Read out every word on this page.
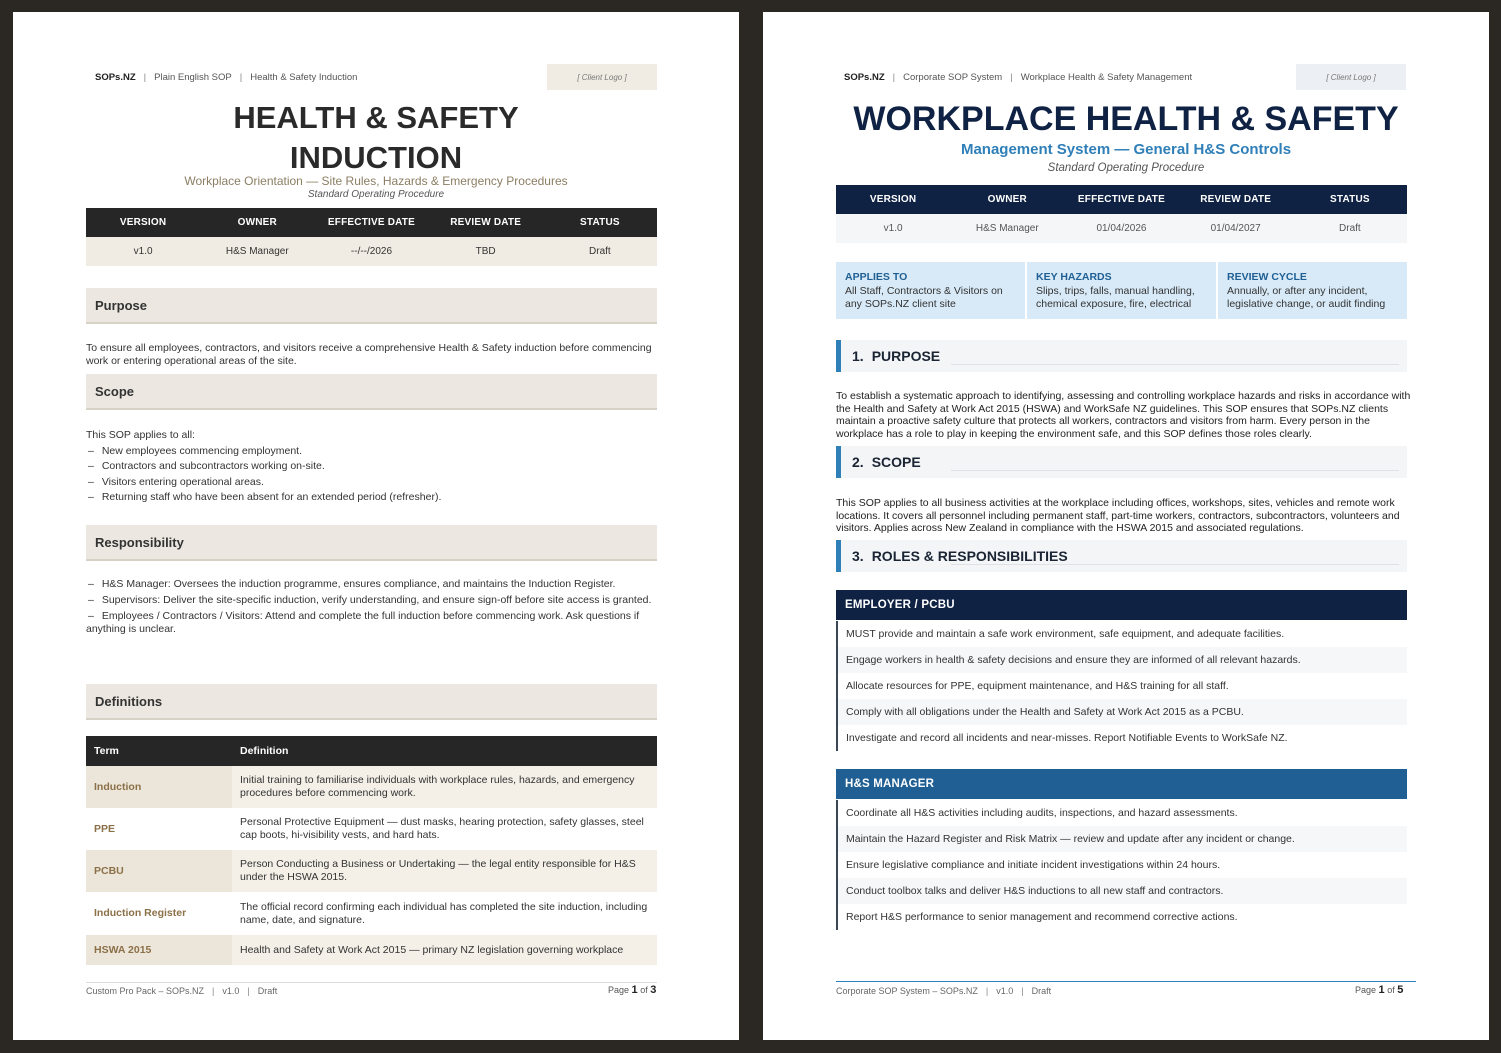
SOPs.NZ | Plain English SOP | Health & Safety Induction	[ Client Logo ]
HEALTH & SAFETY
INDUCTION
Workplace Orientation — Site Rules, Hazards & Emergency Procedures
Standard Operating Procedure
VERSION	OWNER	EFFECTIVE DATE	REVIEW DATE	STATUS
v1.0	H&S Manager	--/--/2026	TBD	Draft
Purpose
To ensure all employees, contractors, and visitors receive a comprehensive Health & Safety induction before commencing work or entering operational areas of the site.
Scope
This SOP applies to all:
– New employees commencing employment.
– Contractors and subcontractors working on-site.
– Visitors entering operational areas.
– Returning staff who have been absent for an extended period (refresher).
Responsibility
– H&S Manager: Oversees the induction programme, ensures compliance, and maintains the Induction Register.
– Supervisors: Deliver the site-specific induction, verify understanding, and ensure sign-off before site access is granted.
– Employees / Contractors / Visitors: Attend and complete the full induction before commencing work. Ask questions if anything is unclear.
Definitions
Term	Definition
Induction	Initial training to familiarise individuals with workplace rules, hazards, and emergency procedures before commencing work.
PPE	Personal Protective Equipment — dust masks, hearing protection, safety glasses, steel cap boots, hi-visibility vests, and hard hats.
PCBU	Person Conducting a Business or Undertaking — the legal entity responsible for H&S under the HSWA 2015.
Induction Register	The official record confirming each individual has completed the site induction, including name, date, and signature.
HSWA 2015	Health and Safety at Work Act 2015 — primary NZ legislation governing workplace
Custom Pro Pack – SOPs.NZ | v1.0 | Draft	Page 1 of 3
SOPs.NZ | Corporate SOP System | Workplace Health & Safety Management	[ Client Logo ]
WORKPLACE HEALTH & SAFETY
Management System — General H&S Controls
Standard Operating Procedure
VERSION	OWNER	EFFECTIVE DATE	REVIEW DATE	STATUS
v1.0	H&S Manager	01/04/2026	01/04/2027	Draft
APPLIES TO
All Staff, Contractors & Visitors on any SOPs.NZ client site
KEY HAZARDS
Slips, trips, falls, manual handling, chemical exposure, fire, electrical
REVIEW CYCLE
Annually, or after any incident, legislative change, or audit finding
1. PURPOSE
To establish a systematic approach to identifying, assessing and controlling workplace hazards and risks in accordance with the Health and Safety at Work Act 2015 (HSWA) and WorkSafe NZ guidelines. This SOP ensures that SOPs.NZ clients maintain a proactive safety culture that protects all workers, contractors and visitors from harm. Every person in the workplace has a role to play in keeping the environment safe, and this SOP defines those roles clearly.
2. SCOPE
This SOP applies to all business activities at the workplace including offices, workshops, sites, vehicles and remote work locations. It covers all personnel including permanent staff, part-time workers, contractors, subcontractors, volunteers and visitors. Applies across New Zealand in compliance with the HSWA 2015 and associated regulations.
3. ROLES & RESPONSIBILITIES
EMPLOYER / PCBU
MUST provide and maintain a safe work environment, safe equipment, and adequate facilities.
Engage workers in health & safety decisions and ensure they are informed of all relevant hazards.
Allocate resources for PPE, equipment maintenance, and H&S training for all staff.
Comply with all obligations under the Health and Safety at Work Act 2015 as a PCBU.
Investigate and record all incidents and near-misses. Report Notifiable Events to WorkSafe NZ.
H&S MANAGER
Coordinate all H&S activities including audits, inspections, and hazard assessments.
Maintain the Hazard Register and Risk Matrix — review and update after any incident or change.
Ensure legislative compliance and initiate incident investigations within 24 hours.
Conduct toolbox talks and deliver H&S inductions to all new staff and contractors.
Report H&S performance to senior management and recommend corrective actions.
Corporate SOP System – SOPs.NZ | v1.0 | Draft	Page 1 of 5
